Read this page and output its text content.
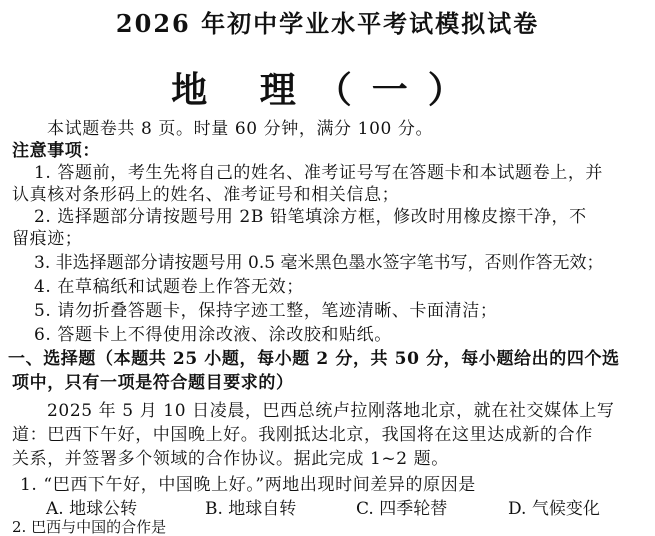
2026 年初中学业水平考试模拟试卷
地 理（一）
本试题卷共 8 页。时量 60 分钟，满分 100 分。
注意事项：
1. 答题前，考生先将自己的姓名、准考证号写在答题卡和本试题卷上，并
认真核对条形码上的姓名、准考证号和相关信息；
2. 选择题部分请按题号用 2B 铅笔填涂方框，修改时用橡皮擦干净，不
留痕迹；
3. 非选择题部分请按题号用 0.5 毫米黑色墨水签字笔书写，否则作答无效；
4. 在草稿纸和试题卷上作答无效；
5. 请勿折叠答题卡，保持字迹工整，笔迹清晰、卡面清洁；
6. 答题卡上不得使用涂改液、涂改胶和贴纸。
一、选择题（本题共 25 小题，每小题 2 分，共 50 分，每小题给出的四个选
项中，只有一项是符合题目要求的）
2025 年 5 月 10 日凌晨，巴西总统卢拉刚落地北京，就在社交媒体上写
道：巴西下午好，中国晚上好。我刚抵达北京，我国将在这里达成新的合作
关系，并签署多个领域的合作协议。据此完成 1~2 题。
1. “巴西下午好，中国晚上好。”两地出现时间差异的原因是
A. 地球公转	B. 地球自转	C. 四季轮替	D. 气候变化
2. 巴西与中国的合作是
